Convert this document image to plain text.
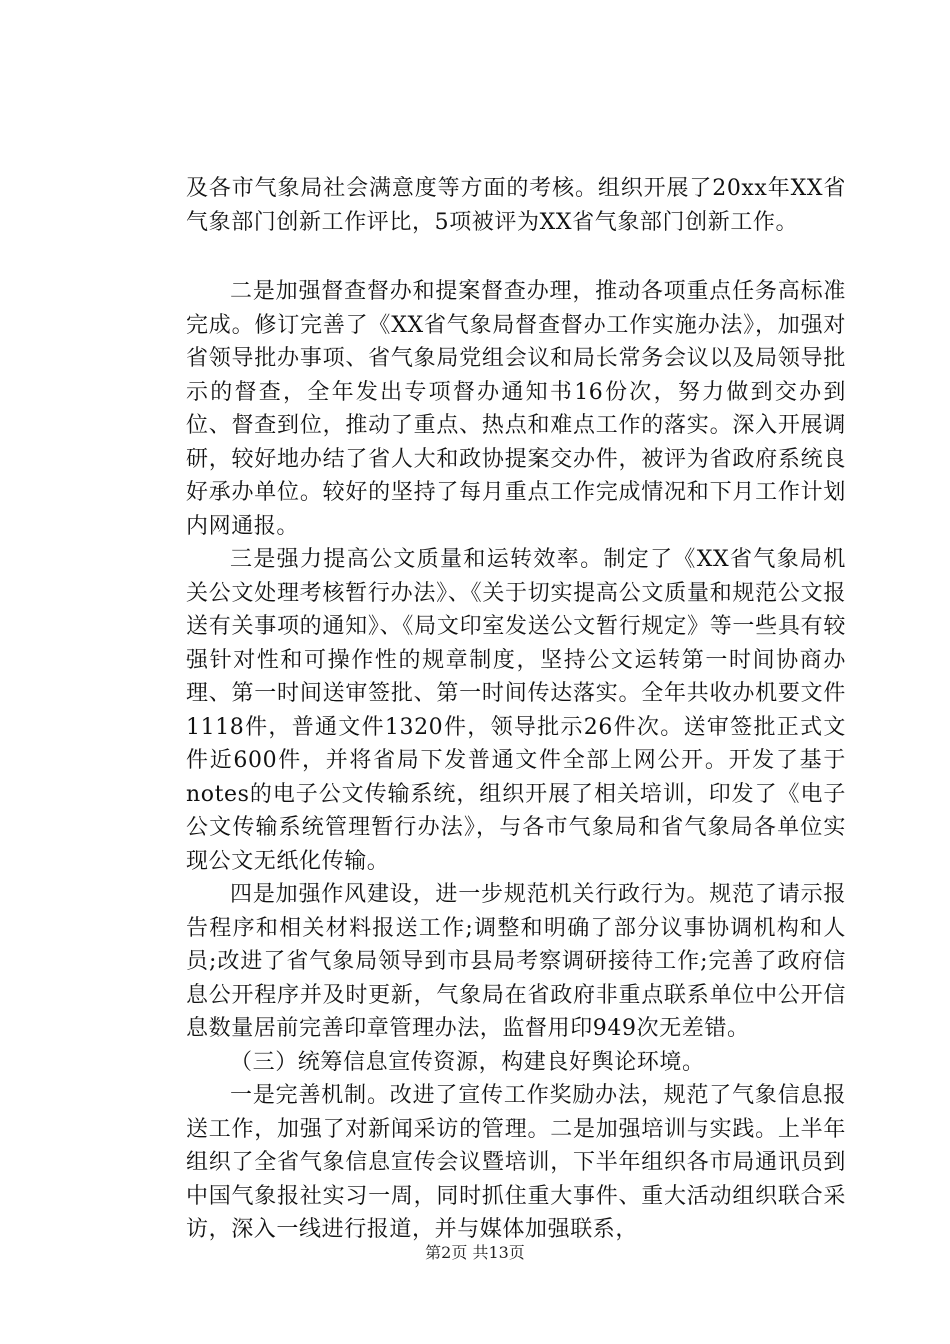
及各市气象局社会满意度等方面的考核。组织开展了20xx年XX省气象部门创新工作评比，5项被评为XX省气象部门创新工作。

二是加强督查督办和提案督查办理，推动各项重点任务高标准完成。修订完善了《XX省气象局督查督办工作实施办法》，加强对省领导批办事项、省气象局党组会议和局长常务会议以及局领导批示的督查，全年发出专项督办通知书16份次，努力做到交办到位、督查到位，推动了重点、热点和难点工作的落实。深入开展调研，较好地办结了省人大和政协提案交办件，被评为省政府系统良好承办单位。较好的坚持了每月重点工作完成情况和下月工作计划内网通报。

三是强力提高公文质量和运转效率。制定了《XX省气象局机关公文处理考核暂行办法》、《关于切实提高公文质量和规范公文报送有关事项的通知》、《局文印室发送公文暂行规定》等一些具有较强针对性和可操作性的规章制度，坚持公文运转第一时间协商办理、第一时间送审签批、第一时间传达落实。全年共收办机要文件1118件，普通文件1320件，领导批示26件次。送审签批正式文件近600件，并将省局下发普通文件全部上网公开。开发了基于notes的电子公文传输系统，组织开展了相关培训，印发了《电子公文传输系统管理暂行办法》，与各市气象局和省气象局各单位实现公文无纸化传输。

四是加强作风建设，进一步规范机关行政行为。规范了请示报告程序和相关材料报送工作;调整和明确了部分议事协调机构和人员;改进了省气象局领导到市县局考察调研接待工作;完善了政府信息公开程序并及时更新，气象局在省政府非重点联系单位中公开信息数量居前完善印章管理办法，监督用印949次无差错。

（三）统筹信息宣传资源，构建良好舆论环境。

一是完善机制。改进了宣传工作奖励办法，规范了气象信息报送工作，加强了对新闻采访的管理。二是加强培训与实践。上半年组织了全省气象信息宣传会议暨培训，下半年组织各市局通讯员到中国气象报社实习一周，同时抓住重大事件、重大活动组织联合采访，深入一线进行报道，并与媒体加强联系，

第2页 共13页
